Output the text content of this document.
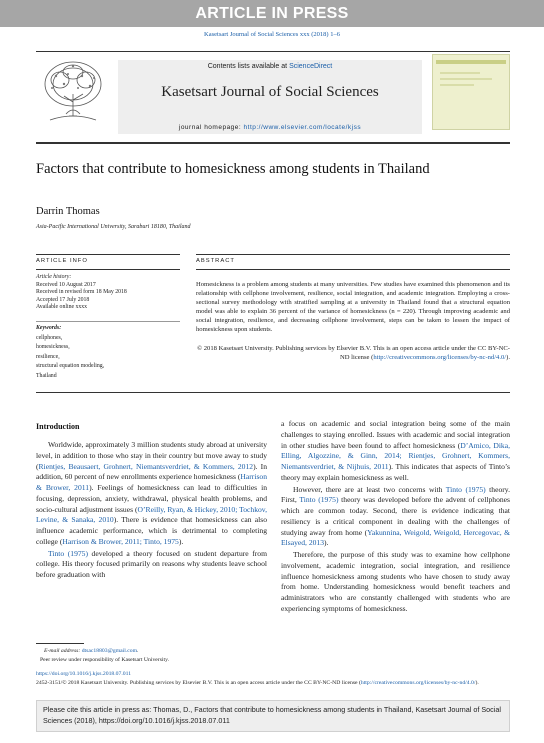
ARTICLE IN PRESS
Kasetsart Journal of Social Sciences xxx (2018) 1–6
Contents lists available at ScienceDirect
Kasetsart Journal of Social Sciences
journal homepage: http://www.elsevier.com/locate/kjss
Factors that contribute to homesickness among students in Thailand
Darrin Thomas
Asia-Pacific International University, Saraburi 18180, Thailand
ARTICLE INFO
Article history:
Received 10 August 2017
Received in revised form 18 May 2018
Accepted 17 July 2018
Available online xxxx
Keywords:
cellphones,
homesickness,
resilience,
structural equation modeling,
Thailand
ABSTRACT
Homesickness is a problem among students at many universities. Few studies have examined this phenomenon and its relationship with cellphone involvement, resilience, social integration, and academic integration. Employing a cross-sectional survey methodology with stratified sampling at a university in Thailand found that a structural equation model was able to explain 36 percent of the variance of homesickness (n = 220). Through improving academic and social integration, resilience, and decreasing cellphone involvement, steps can be taken to lessen the impact of homesickness upon students.
© 2018 Kasetsart University. Publishing services by Elsevier B.V. This is an open access article under the CC BY-NC-ND license (http://creativecommons.org/licenses/by-nc-nd/4.0/).
Introduction

Worldwide, approximately 3 million students study abroad at university level, in addition to those who stay in their country but move away to study (Rientjes, Beausaert, Grohnert, Niemantsverdriet, & Kommers, 2012). In addition, 60 percent of new enrollments experience homesickness (Harrison & Brower, 2011). Feelings of homesickness can lead to difficulties in focusing, depression, anxiety, withdrawal, physical health problems, and socio-cultural adjustment issues (O’Reilly, Ryan, & Hickey, 2010; Tochkov, Levine, & Sanaka, 2010). There is evidence that homesickness can also influence academic performance, which is detrimental to completing college (Harrison & Brower, 2011; Tinto, 1975).

Tinto (1975) developed a theory focused on student departure from college. His theory focused primarily on reasons why students leave school before graduation with

a focus on academic and social integration being some of the main challenges to staying enrolled. Issues with academic and social integration in other studies have been found to affect homesickness (D’Amico, Dika, Elling, Algozzine, & Ginn, 2014; Rientjes, Grohnert, Kommers, Niemantsverdriet, & Nijhuis, 2011). This indicates that aspects of Tinto’s theory may explain homesickness as well.

However, there are at least two concerns with Tinto (1975) theory. First, Tinto (1975) theory was developed before the advent of cellphones which are common today. Second, there is evidence indicating that resiliency is a critical component in dealing with the challenges of studying away from home (Yakunnina, Weigold, Weigold, Hercegovac, & Elsayed, 2013).

Therefore, the purpose of this study was to examine how cellphone involvement, academic integration, social integration, and resilience influence homesickness among students who have chosen to study away from home. Understanding homesickness would benefit teachers and administrators who are constantly challenged with students who are experiencing symptoms of homesickness.

E-mail address: dtsac18803@gmail.com.
Peer review under responsibility of Kasetsart University.
https://doi.org/10.1016/j.kjss.2018.07.011
2452-3151/© 2018 Kasetsart University. Publishing services by Elsevier B.V. This is an open access article under the CC BY-NC-ND license (http://creativecommons.org/licenses/by-nc-nd/4.0/).
Please cite this article in press as: Thomas, D., Factors that contribute to homesickness among students in Thailand, Kasetsart Journal of Social Sciences (2018), https://doi.org/10.1016/j.kjss.2018.07.011
